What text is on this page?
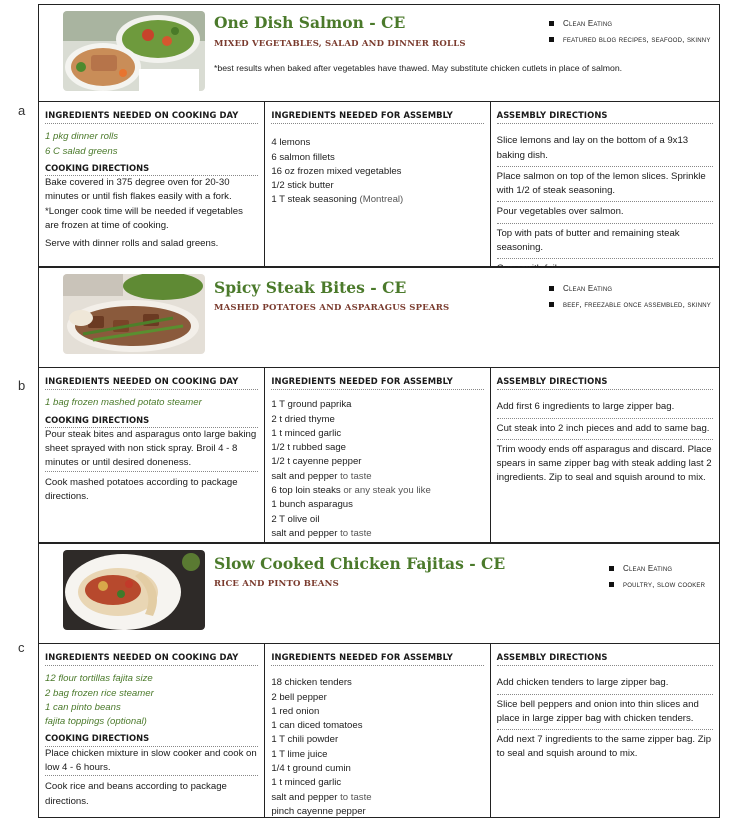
a
b
c
One Dish Salmon - CE
MIXED VEGETABLES, SALAD AND DINNER ROLLS
*best results when baked after vegetables have thawed. May substitute chicken cutlets in place of salmon.
Clean Eating
featured blog recipes, seafood, skinny
INGREDIENTS NEEDED ON COOKING DAY
1 pkg dinner rolls
6 C salad greens
COOKING DIRECTIONS
Bake covered in 375 degree oven for 20-30 minutes or until fish flakes easily with a fork. *Longer cook time will be needed if vegetables are frozen at time of cooking.
Serve with dinner rolls and salad greens.
INGREDIENTS NEEDED FOR ASSEMBLY
4 lemons
6 salmon fillets
16 oz frozen mixed vegetables
1/2 stick butter
1 T steak seasoning (Montreal)
ASSEMBLY DIRECTIONS
Slice lemons and lay on the bottom of a 9x13 baking dish.
Place salmon on top of the lemon slices. Sprinkle with 1/2 of steak seasoning.
Pour vegetables over salmon.
Top with pats of butter and remaining steak seasoning.
Spicy Steak Bites - CE
MASHED POTATOES AND ASPARAGUS SPEARS
Clean Eating
beef, freezable once assembled, skinny
INGREDIENTS NEEDED ON COOKING DAY
1 bag frozen mashed potato steamer
COOKING DIRECTIONS
Pour steak bites and asparagus onto large baking sheet sprayed with non stick spray. Broil 4 - 8 minutes or until desired doneness.
Cook mashed potatoes according to package directions.
INGREDIENTS NEEDED FOR ASSEMBLY
1 T ground paprika
2 t dried thyme
1 t minced garlic
1/2 t rubbed sage
1/2 t cayenne pepper
salt and pepper to taste
6 top loin steaks or any steak you like
1 bunch asparagus
2 T olive oil
salt and pepper to taste
ASSEMBLY DIRECTIONS
Add first 6 ingredients to large zipper bag.
Cut steak into 2 inch pieces and add to same bag.
Trim woody ends off asparagus and discard. Place spears in same zipper bag with steak adding last 2 ingredients. Zip to seal and squish around to mix.
Slow Cooked Chicken Fajitas - CE
RICE AND PINTO BEANS
Clean Eating
poultry, slow cooker
INGREDIENTS NEEDED ON COOKING DAY
12 flour tortillas fajita size
2 bag frozen rice steamer
1 can pinto beans
fajita toppings (optional)
COOKING DIRECTIONS
Place chicken mixture in slow cooker and cook on low 4 - 6 hours.
Cook rice and beans according to package directions.
INGREDIENTS NEEDED FOR ASSEMBLY
18 chicken tenders
2 bell pepper
1 red onion
1 can diced tomatoes
1 T chili powder
1 T lime juice
1/4 t ground cumin
1 t minced garlic
salt and pepper to taste
pinch cayenne pepper
ASSEMBLY DIRECTIONS
Add chicken tenders to large zipper bag.
Slice bell peppers and onion into thin slices and place in large zipper bag with chicken tenders.
Add next 7 ingredients to the same zipper bag. Zip to seal and squish around to mix.
